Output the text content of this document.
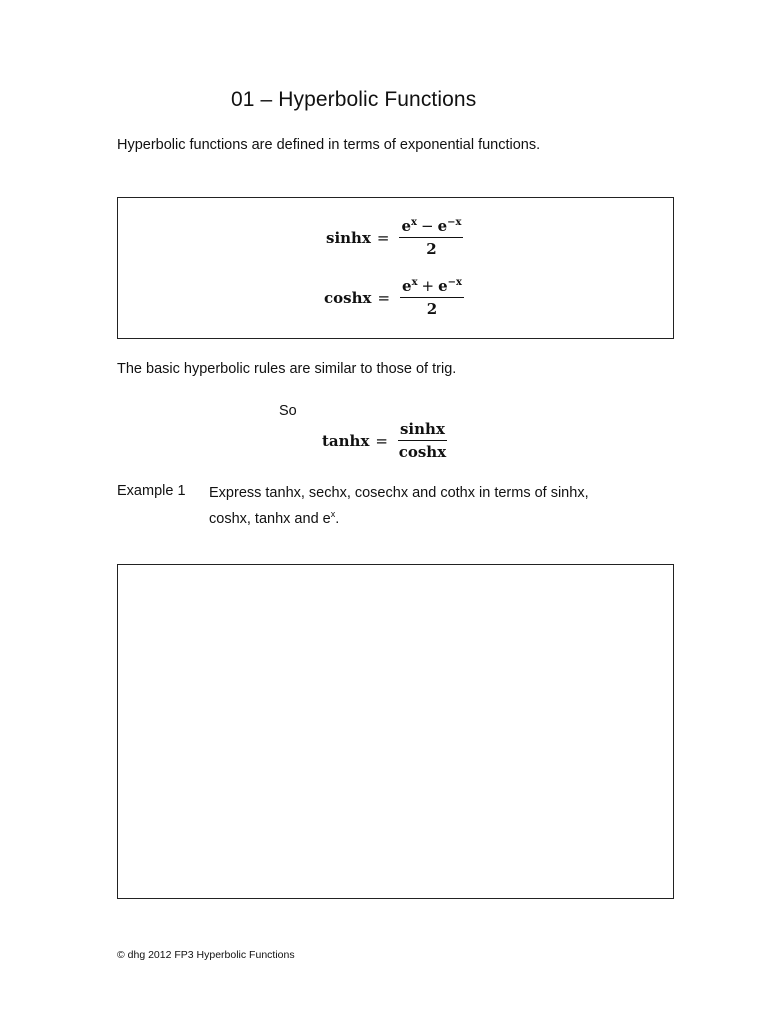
01 – Hyperbolic Functions
Hyperbolic functions are defined in terms of exponential functions.
$\sinh x = \frac{e^x - e^{-x}}{2}$
$\cosh x = \frac{e^x + e^{-x}}{2}$
The basic hyperbolic rules are similar to those of trig.
So
$\tanh x = \frac{\sinh x}{\cosh x}$
Example 1 Express tanhx, sechx, cosechx and cothx in terms of sinhx,
coshx, tanhx and $e^x$.
© dhg 2012 FP3 Hyperbolic Functions
